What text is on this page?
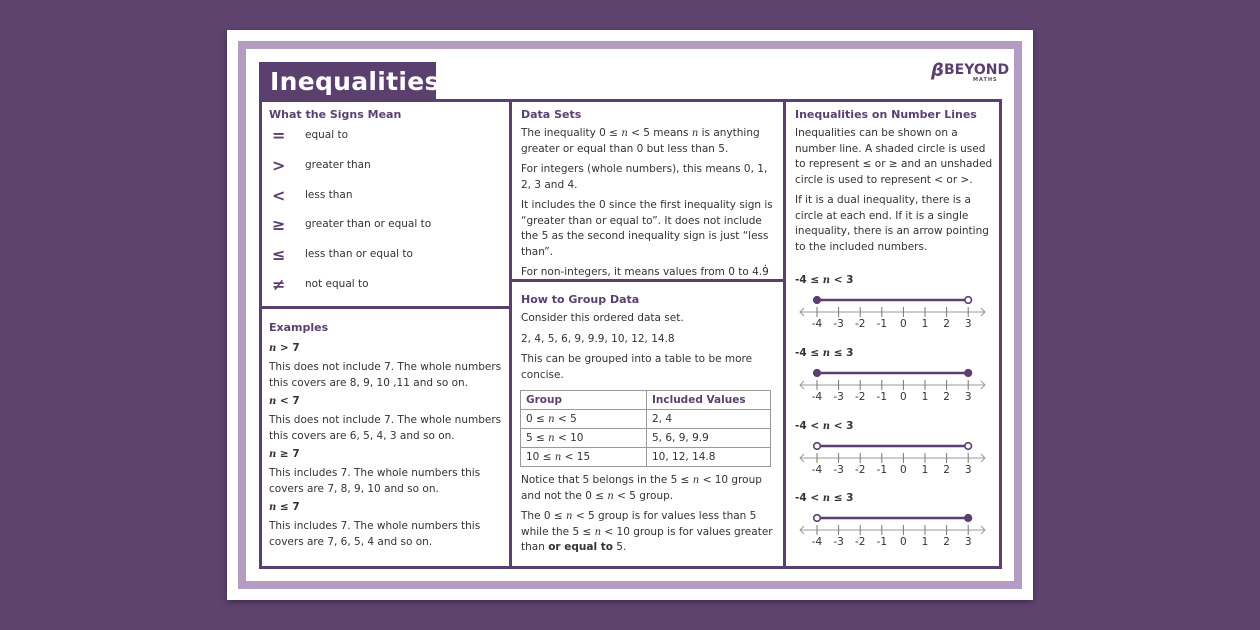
Inequalities	β BEYOND
MATHS
What the Signs Mean
=	equal to
>	greater than
<	less than
≥	greater than or equal to
≤	less than or equal to
≠	not equal to
Examples
n > 7

This does not include 7. The whole numbers this covers are 8, 9, 10 ,11 and so on.

n < 7

This does not include 7. The whole numbers this covers are 6, 5, 4, 3 and so on.

n ≥ 7

This includes 7. The whole numbers this covers are 7, 8, 9, 10 and so on.

n ≤ 7

This includes 7. The whole numbers this covers are 7, 6, 5, 4 and so on.

Data Sets

The inequality 0 ≤ n < 5 means n is anything greater or equal than 0 but less than 5.

For integers (whole numbers), this means 0, 1, 2, 3 and 4.

It includes the 0 since the first inequality sign is “greater than or equal to”. It does not include the 5 as the second inequality sign is just “less than”.

For non-integers, it means values from 0 to 4.9̇

How to Group Data

Consider this ordered data set.

2, 4, 5, 6, 9, 9.9, 10, 12, 14.8

This can be grouped into a table to be more concise.

Group	Included Values
0 ≤ n < 5	2, 4
5 ≤ n < 10	5, 6, 9, 9.9
10 ≤ n < 15	10, 12, 14.8

Notice that 5 belongs in the 5 ≤ n < 10 group and not the 0 ≤ n < 5 group.

The 0 ≤ n < 5 group is for values less than 5 while the 5 ≤ n < 10 group is for values greater than or equal to 5.

Inequalities on Number Lines

Inequalities can be shown on a number line. A shaded circle is used to represent ≤ or ≥ and an unshaded circle is used to represent < or >.

If it is a dual inequality, there is a circle at each end. If it is a single inequality, there is an arrow pointing to the included numbers.

-4 ≤ n < 3
-4 -3 -2 -1 0 1 2 3
-4 ≤ n ≤ 3
-4 -3 -2 -1 0 1 2 3
-4 < n < 3
-4 -3 -2 -1 0 1 2 3
-4 < n ≤ 3
-4 -3 -2 -1 0 1 2 3
